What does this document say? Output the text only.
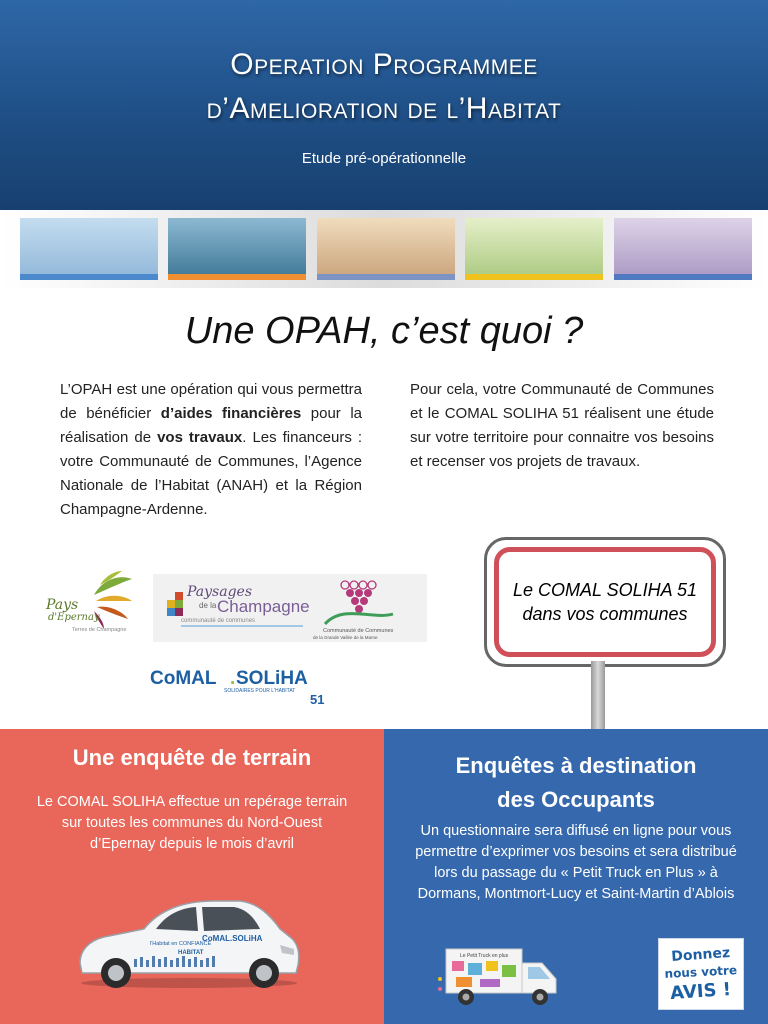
Operation Programmee
d’Amelioration de l’Habitat
Etude pré-opérationnelle
Une OPAH, c’est quoi ?
L’OPAH est une opération qui vous permettra de bénéficier d’aides financières pour la réalisation de vos travaux. Les financeurs : votre Communauté de Communes, l’Agence Nationale de l’Habitat (ANAH) et la Région Champagne-Ardenne.
Pour cela, votre Communauté de Communes et le COMAL SOLIHA 51 réalisent une étude sur votre territoire pour connaitre vos besoins et recenser vos projets de travaux.
Pays
d'Epernay
Terres de Champagne
Paysages
de la Champagne
communauté de communes
Communauté de Communes
de la Grande Vallée de la Marne
CoMAL . SOLiHA
SOLIDAIRES POUR L'HABITAT
51
Le COMAL SOLIHA 51
dans vos communes
Une enquête de terrain
Le COMAL SOLIHA effectue un repérage terrain sur toutes les communes du Nord-Ouest d’Epernay depuis le mois d’avril
l'Habitat en CONFIANCE
HABITAT
CoMAL.SOLiHA
Enquêtes à destination
des Occupants
Un questionnaire sera diffusé en ligne pour vous permettre d’exprimer vos besoins et sera distribué lors du passage du « Petit Truck en Plus » à Dormans, Montmort-Lucy et Saint-Martin d’Ablois
Le Petit Truck en plus	Donnez
nous votre
AVIS !
